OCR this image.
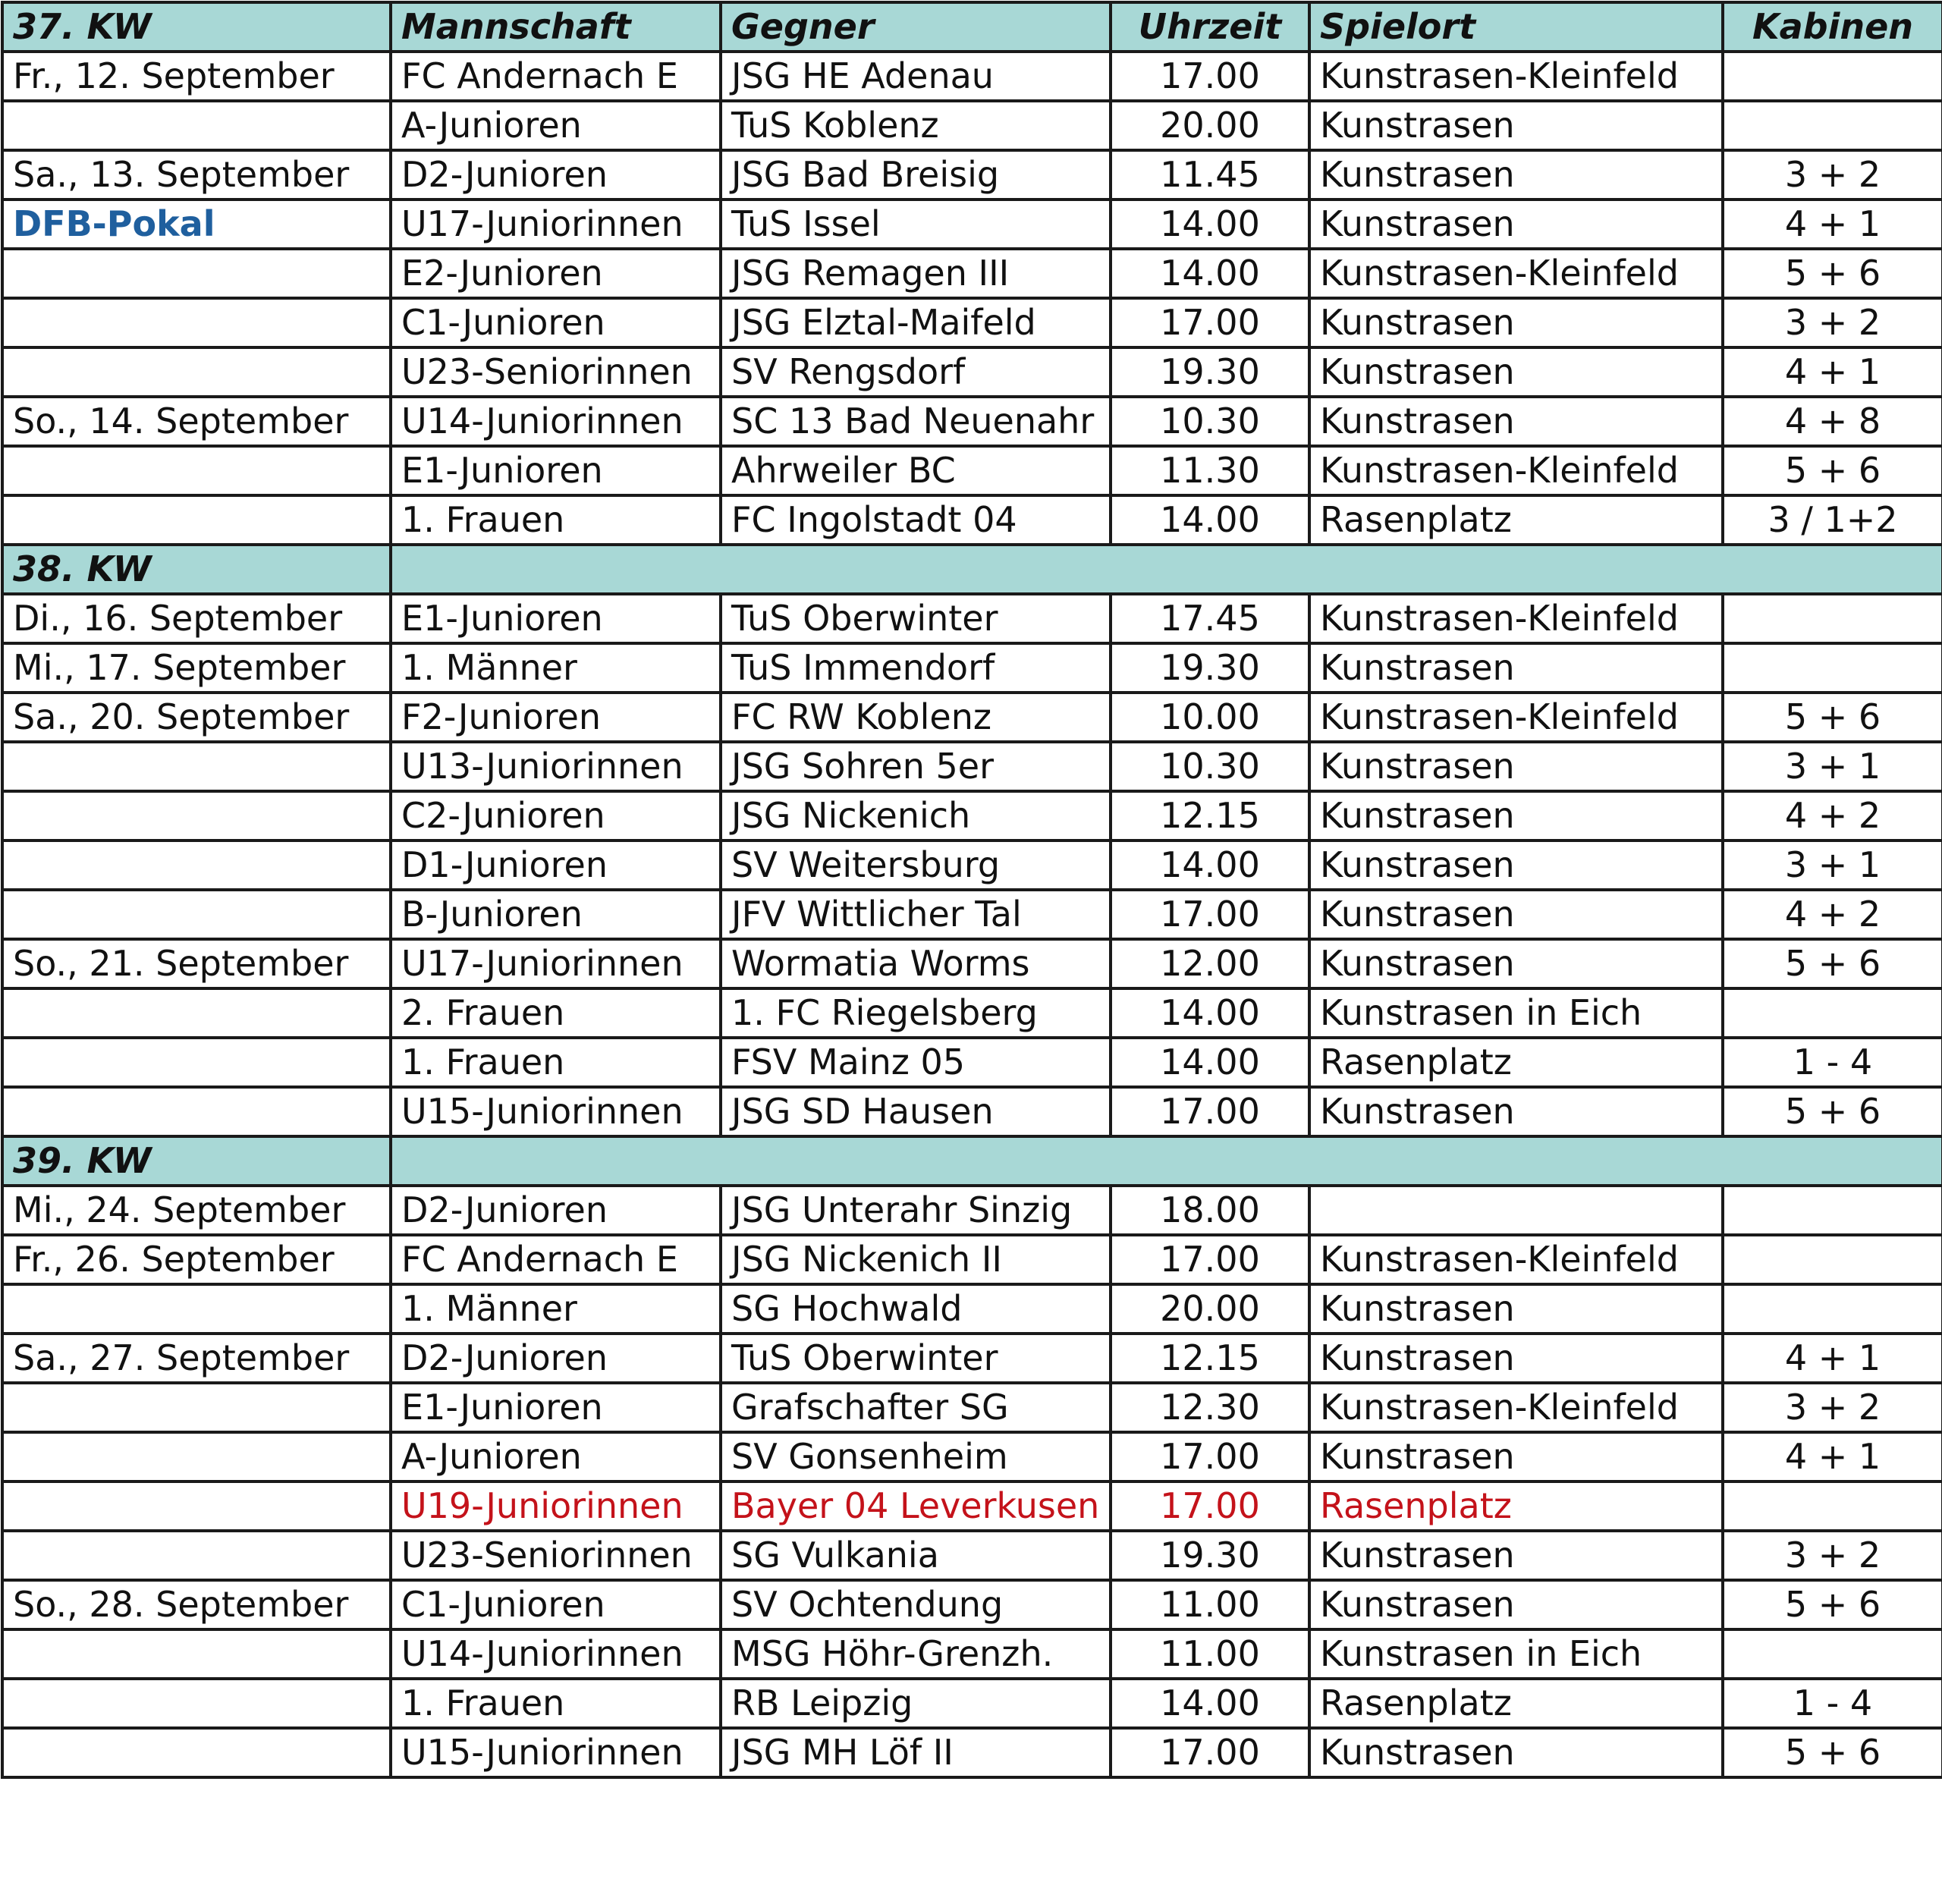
37. KW	Mannschaft	Gegner	Uhrzeit	Spielort	Kabinen
Fr., 12. September	FC Andernach E	JSG HE Adenau	17.00	Kunstrasen-Kleinfeld	
	A-Junioren	TuS Koblenz	20.00	Kunstrasen	
Sa., 13. September	D2-Junioren	JSG Bad Breisig	11.45	Kunstrasen	3 + 2
DFB-Pokal	U17-Juniorinnen	TuS Issel	14.00	Kunstrasen	4 + 1
	E2-Junioren	JSG Remagen III	14.00	Kunstrasen-Kleinfeld	5 + 6
	C1-Junioren	JSG Elztal-Maifeld	17.00	Kunstrasen	3 + 2
	U23-Seniorinnen	SV Rengsdorf	19.30	Kunstrasen	4 + 1
So., 14. September	U14-Juniorinnen	SC 13 Bad Neuenahr	10.30	Kunstrasen	4 + 8
	E1-Junioren	Ahrweiler BC	11.30	Kunstrasen-Kleinfeld	5 + 6
	1. Frauen	FC Ingolstadt 04	14.00	Rasenplatz	3 / 1+2
38. KW					
Di., 16. September	E1-Junioren	TuS Oberwinter	17.45	Kunstrasen-Kleinfeld	
Mi., 17. September	1. Männer	TuS Immendorf	19.30	Kunstrasen	
Sa., 20. September	F2-Junioren	FC RW Koblenz	10.00	Kunstrasen-Kleinfeld	5 + 6
	U13-Juniorinnen	JSG Sohren 5er	10.30	Kunstrasen	3 + 1
	C2-Junioren	JSG Nickenich	12.15	Kunstrasen	4 + 2
	D1-Junioren	SV Weitersburg	14.00	Kunstrasen	3 + 1
	B-Junioren	JFV Wittlicher Tal	17.00	Kunstrasen	4 + 2
So., 21. September	U17-Juniorinnen	Wormatia Worms	12.00	Kunstrasen	5 + 6
	2. Frauen	1. FC Riegelsberg	14.00	Kunstrasen in Eich	
	1. Frauen	FSV Mainz 05	14.00	Rasenplatz	1 - 4
	U15-Juniorinnen	JSG SD Hausen	17.00	Kunstrasen	5 + 6
39. KW					
Mi., 24. September	D2-Junioren	JSG Unterahr Sinzig	18.00		
Fr., 26. September	FC Andernach E	JSG Nickenich II	17.00	Kunstrasen-Kleinfeld	
	1. Männer	SG Hochwald	20.00	Kunstrasen	
Sa., 27. September	D2-Junioren	TuS Oberwinter	12.15	Kunstrasen	4 + 1
	E1-Junioren	Grafschafter SG	12.30	Kunstrasen-Kleinfeld	3 + 2
	A-Junioren	SV Gonsenheim	17.00	Kunstrasen	4 + 1
	U19-Juniorinnen	Bayer 04 Leverkusen	17.00	Rasenplatz	
	U23-Seniorinnen	SG Vulkania	19.30	Kunstrasen	3 + 2
So., 28. September	C1-Junioren	SV Ochtendung	11.00	Kunstrasen	5 + 6
	U14-Juniorinnen	MSG Höhr-Grenzh.	11.00	Kunstrasen in Eich	
	1. Frauen	RB Leipzig	14.00	Rasenplatz	1 - 4
	U15-Juniorinnen	JSG MH Löf II	17.00	Kunstrasen	5 + 6
